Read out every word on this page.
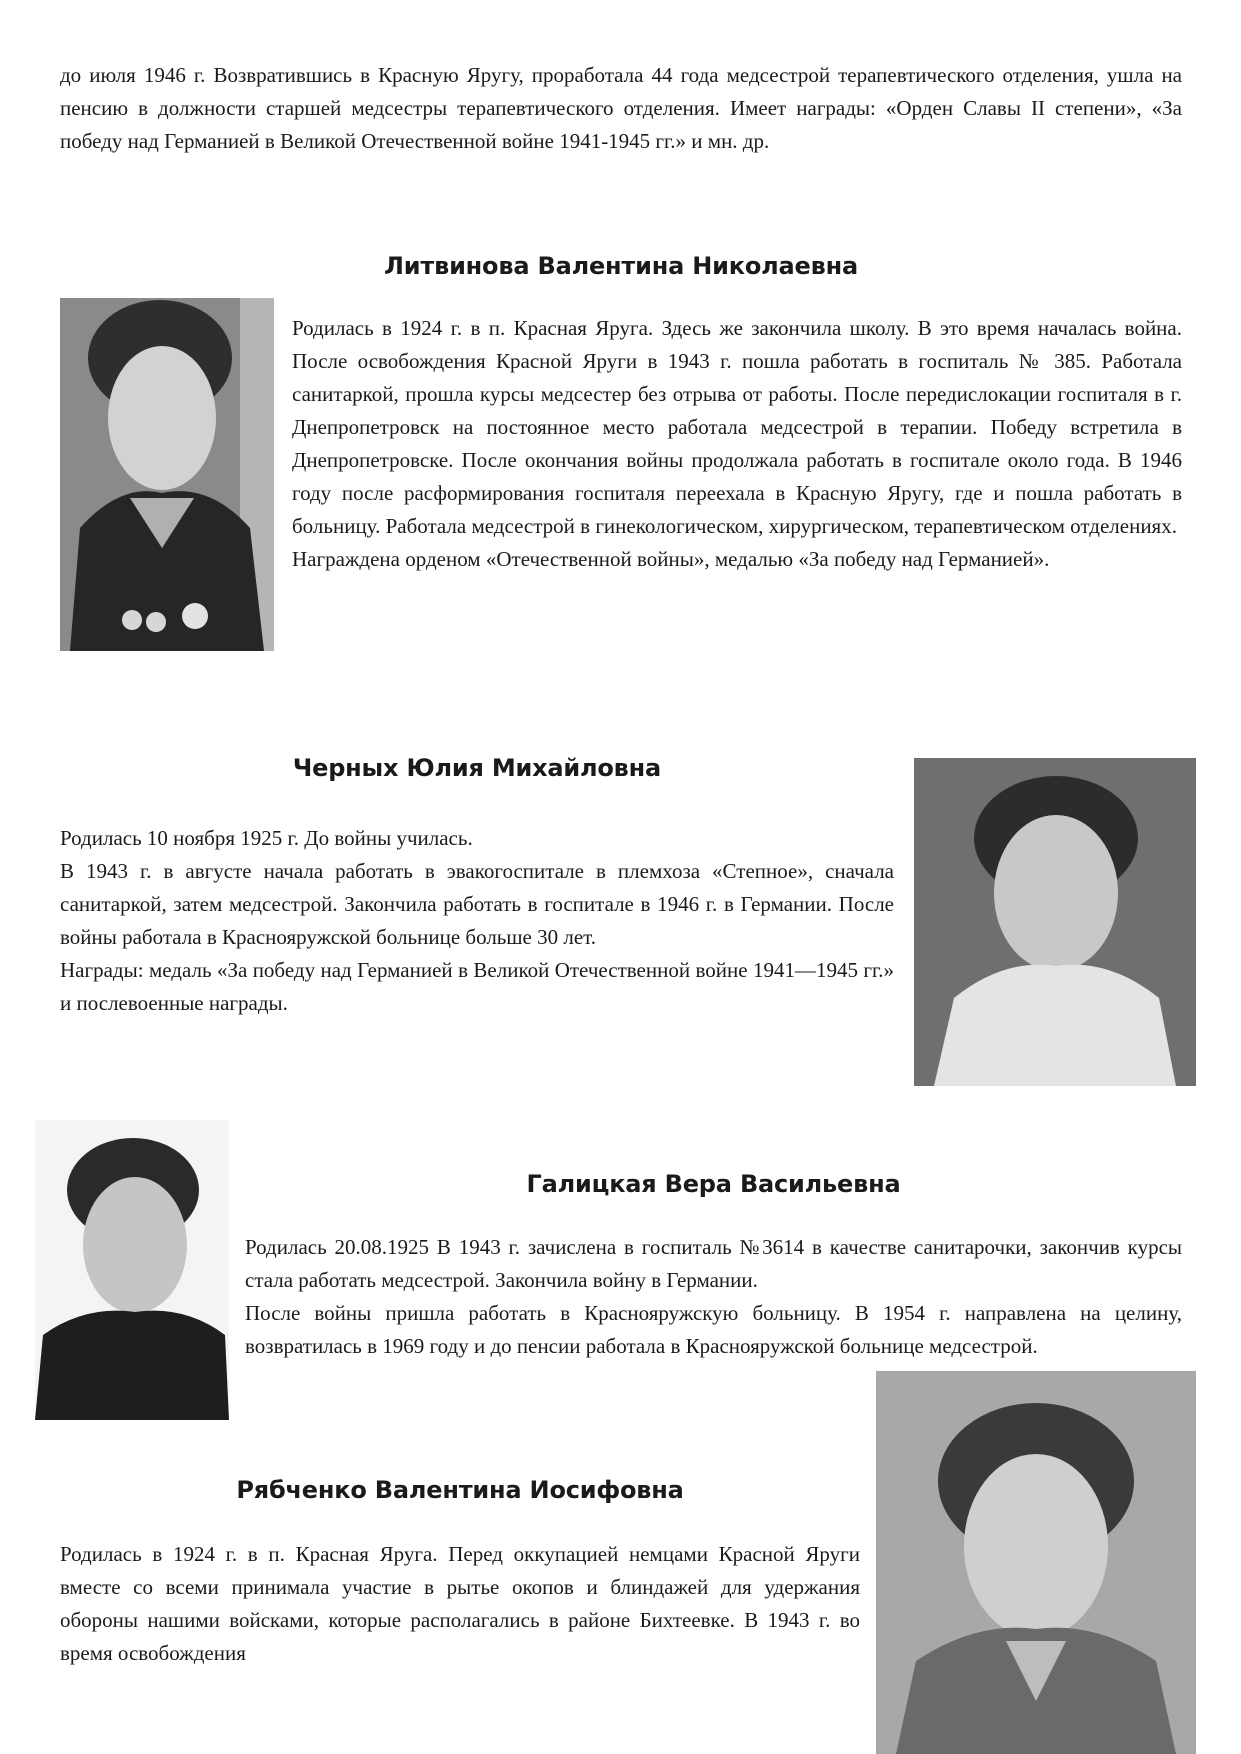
до июля 1946 г. Возвратившись в Красную Яругу, проработала 44 года медсестрой терапевтического отделения, ушла на пенсию в должности старшей медсестры терапевтического отделения. Имеет награды: «Орден Славы II степени», «За победу над Германией в Великой Отечественной войне 1941-1945 гг.» и мн. др.

Литвинова Валентина Николаевна

Родилась в 1924 г. в п. Красная Яруга. Здесь же закончила школу. В это время началась война. После освобождения Красной Яруги в 1943 г. пошла работать в госпиталь № 385. Работала санитаркой, прошла курсы медсестер без отрыва от работы. После передислокации госпиталя в г. Днепропетровск на постоянное место работала медсестрой в терапии. Победу встретила в Днепропетровске. После окончания войны продолжала работать в госпитале около года. В 1946 году после расформирования госпиталя переехала в Красную Яругу, где и пошла работать в больницу. Работала медсестрой в гинекологическом, хирургическом, терапевтическом отделениях.

Награждена орденом «Отечественной войны», медалью «За победу над Германией».

Черных Юлия Михайловна

Родилась 10 ноября 1925 г. До войны училась.

В 1943 г. в августе начала работать в эвакогоспитале в племхоза «Степное», сначала санитаркой, затем медсестрой. Закончила работать в госпитале в 1946 г. в Германии. После войны работала в Краснояружской больнице больше 30 лет.

Награды: медаль «За победу над Германией в Великой Отечественной войне 1941—1945 гг.» и послевоенные награды.

Галицкая Вера Васильевна

Родилась 20.08.1925 В 1943 г. зачислена в госпиталь №3614 в качестве санитарочки, закончив курсы стала работать медсестрой. Закончила войну в Германии.

После войны пришла работать в Краснояружскую больницу. В 1954 г. направлена на целину, возвратилась в 1969 году и до пенсии работала в Краснояружской больнице медсестрой.

Рябченко Валентина Иосифовна

Родилась в 1924 г. в п. Красная Яруга. Перед оккупацией немцами Красной Яруги вместе со всеми принимала участие в рытье окопов и блиндажей для удержания обороны нашими войсками, которые располагались в районе Бихтеевке. В 1943 г. во время освобождения
